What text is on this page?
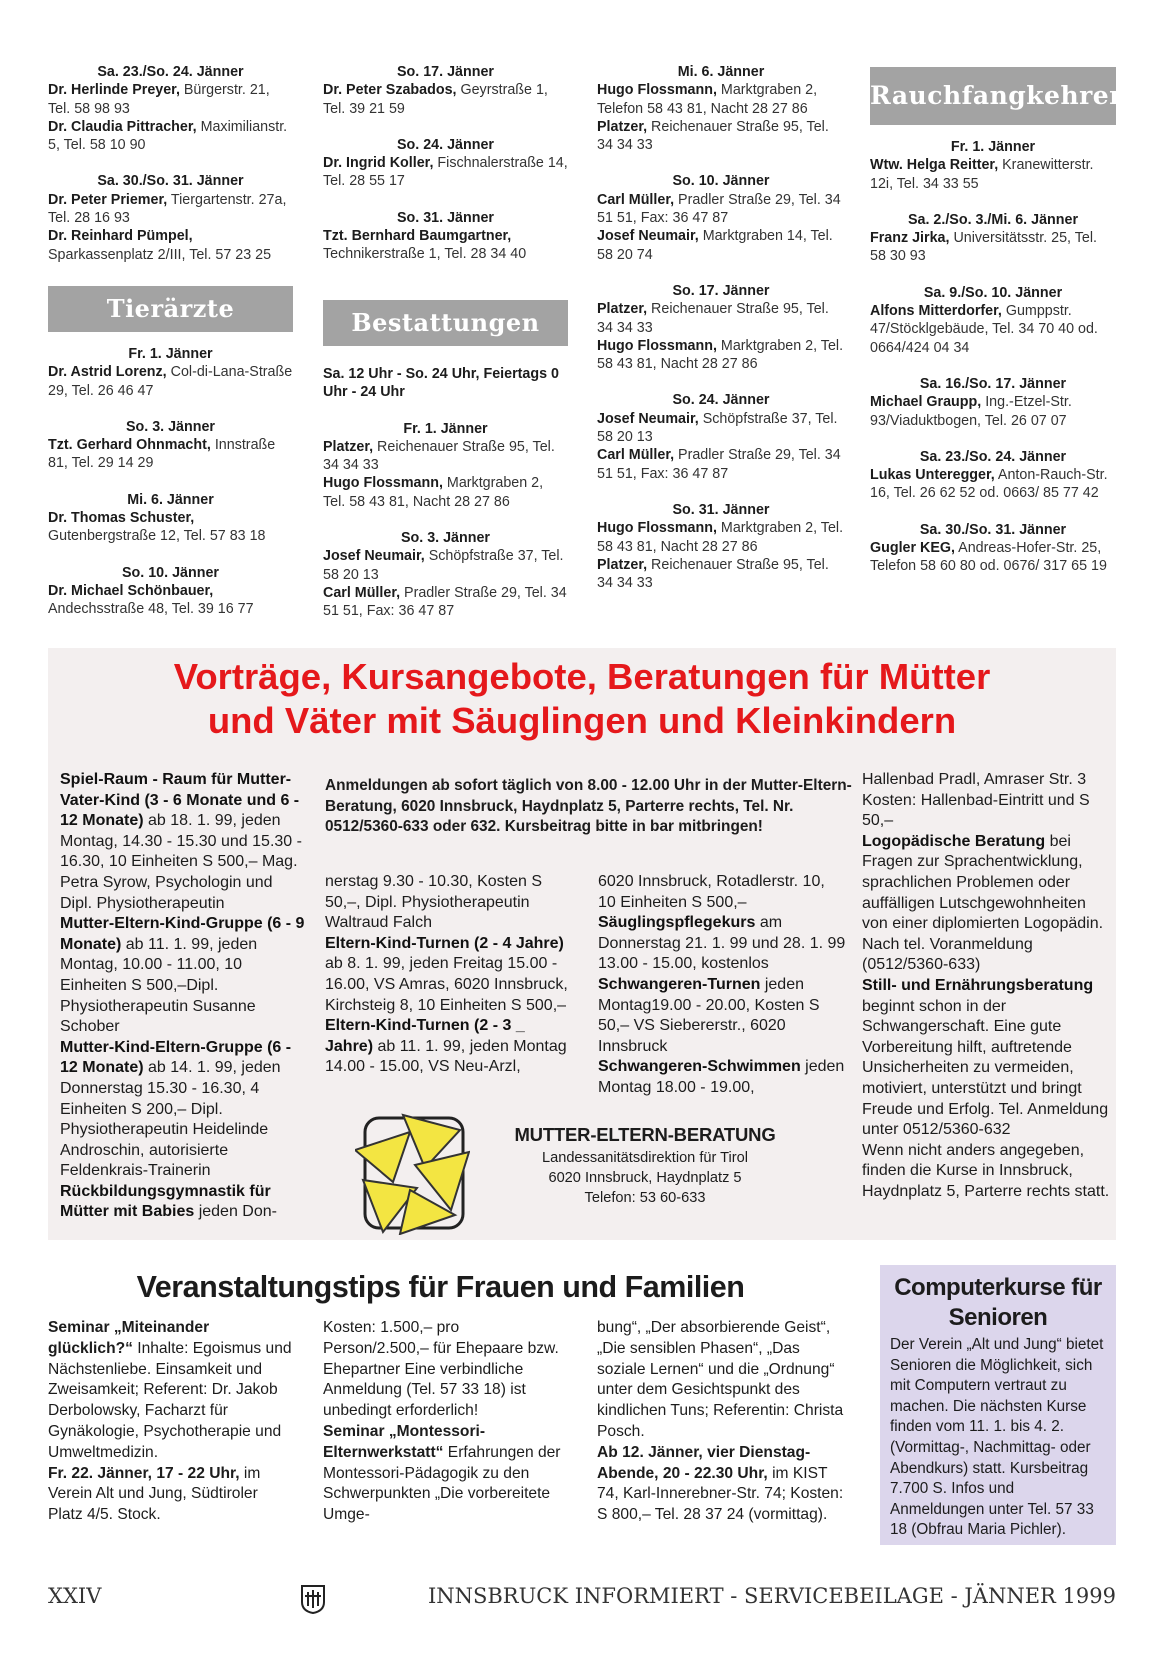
Sa. 23./So. 24. Jänner
Dr. Herlinde Preyer, Bürgerstr. 21, Tel. 58 98 93
Dr. Claudia Pittracher, Maximilianstr. 5, Tel. 58 10 90
Sa. 30./So. 31. Jänner
Dr. Peter Priemer, Tiergartenstr. 27a, Tel. 28 16 93
Dr. Reinhard Pümpel, Sparkassenplatz 2/III, Tel. 57 23 25
Tierärzte
Fr. 1. Jänner
Dr. Astrid Lorenz, Col-di-Lana-Straße 29, Tel. 26 46 47
So. 3. Jänner
Tzt. Gerhard Ohnmacht, Innstraße 81, Tel. 29 14 29
Mi. 6. Jänner
Dr. Thomas Schuster, Gutenbergstraße 12, Tel. 57 83 18
So. 10. Jänner
Dr. Michael Schönbauer, Andechsstraße 48, Tel. 39 16 77
So. 17. Jänner
Dr. Peter Szabados, Geyrstraße 1, Tel. 39 21 59
So. 24. Jänner
Dr. Ingrid Koller, Fischnalerstraße 14, Tel. 28 55 17
So. 31. Jänner
Tzt. Bernhard Baumgartner, Technikerstraße 1, Tel. 28 34 40
Bestattungen
Sa. 12 Uhr - So. 24 Uhr, Feiertags 0 Uhr - 24 Uhr
Fr. 1. Jänner
Platzer, Reichenauer Straße 95, Tel. 34 34 33
Hugo Flossmann, Marktgraben 2, Tel. 58 43 81, Nacht 28 27 86
So. 3. Jänner
Josef Neumair, Schöpfstraße 37, Tel. 58 20 13
Carl Müller, Pradler Straße 29, Tel. 34 51 51, Fax: 36 47 87
Mi. 6. Jänner
Hugo Flossmann, Marktgraben 2, Telefon 58 43 81, Nacht 28 27 86
Platzer, Reichenauer Straße 95, Tel. 34 34 33
So. 10. Jänner
Carl Müller, Pradler Straße 29, Tel. 34 51 51, Fax: 36 47 87
Josef Neumair, Marktgraben 14, Tel. 58 20 74
So. 17. Jänner
Platzer, Reichenauer Straße 95, Tel. 34 34 33
Hugo Flossmann, Marktgraben 2, Tel. 58 43 81, Nacht 28 27 86
So. 24. Jänner
Josef Neumair, Schöpfstraße 37, Tel. 58 20 13
Carl Müller, Pradler Straße 29, Tel. 34 51 51, Fax: 36 47 87
So. 31. Jänner
Hugo Flossmann, Marktgraben 2, Tel. 58 43 81, Nacht 28 27 86
Platzer, Reichenauer Straße 95, Tel. 34 34 33
Rauchfangkehrer
Fr. 1. Jänner
Wtw. Helga Reitter, Kranewitterstr. 12i, Tel. 34 33 55
Sa. 2./So. 3./Mi. 6. Jänner
Franz Jirka, Universitätsstr. 25, Tel. 58 30 93
Sa. 9./So. 10. Jänner
Alfons Mitterdorfer, Gumppstr. 47/Stöcklgebäude, Tel. 34 70 40 od. 0664/424 04 34
Sa. 16./So. 17. Jänner
Michael Graupp, Ing.-Etzel-Str. 93/Viaduktbogen, Tel. 26 07 07
Sa. 23./So. 24. Jänner
Lukas Unteregger, Anton-Rauch-Str. 16, Tel. 26 62 52 od. 0663/ 85 77 42
Sa. 30./So. 31. Jänner
Gugler KEG, Andreas-Hofer-Str. 25, Telefon 58 60 80 od. 0676/ 317 65 19
Vorträge, Kursangebote, Beratungen für Mütter
und Väter mit Säuglingen und Kleinkindern
Spiel-Raum - Raum für Mutter-Vater-Kind (3 - 6 Monate und 6 - 12 Monate) ab 18. 1. 99, jeden Montag, 14.30 - 15.30 und 15.30 - 16.30, 10 Einheiten S 500,– Mag. Petra Syrow, Psychologin und Dipl. Physiotherapeutin
Mutter-Eltern-Kind-Gruppe (6 - 9 Monate) ab 11. 1. 99, jeden Montag, 10.00 - 11.00, 10 Einheiten S 500,–Dipl. Physiotherapeutin Susanne Schober
Mutter-Kind-Eltern-Gruppe (6 - 12 Monate) ab 14. 1. 99, jeden Donnerstag 15.30 - 16.30, 4 Einheiten S 200,– Dipl. Physiotherapeutin Heidelinde Androschin, autorisierte Feldenkrais-Trainerin
Rückbildungsgymnastik für Mütter mit Babies jeden Don-
Anmeldungen ab sofort täglich von 8.00 - 12.00 Uhr in der Mutter-Eltern-Beratung, 6020 Innsbruck, Haydnplatz 5, Parterre rechts, Tel. Nr. 0512/5360-633 oder 632. Kursbeitrag bitte in bar mitbringen!
nerstag 9.30 - 10.30, Kosten S 50,–, Dipl. Physiotherapeutin Waltraud Falch
Eltern-Kind-Turnen (2 - 4 Jahre) ab 8. 1. 99, jeden Freitag 15.00 - 16.00, VS Amras, 6020 Innsbruck, Kirchsteig 8, 10 Einheiten S 500,–
Eltern-Kind-Turnen (2 - 3 _ Jahre) ab 11. 1. 99, jeden Montag 14.00 - 15.00, VS Neu-Arzl,
6020 Innsbruck, Rotadlerstr. 10, 10 Einheiten S 500,–
Säuglingspflegekurs am Donnerstag 21. 1. 99 und 28. 1. 99 13.00 - 15.00, kostenlos
Schwangeren-Turnen jeden Montag19.00 - 20.00, Kosten S 50,– VS Siebererstr., 6020 Innsbruck
Schwangeren-Schwimmen jeden Montag 18.00 - 19.00,
Hallenbad Pradl, Amraser Str. 3 Kosten: Hallenbad-Eintritt und S 50,–
Logopädische Beratung bei Fragen zur Sprachentwicklung, sprachlichen Problemen oder auffälligen Lutschgewohnheiten von einer diplomierten Logopädin. Nach tel. Voranmeldung (0512/5360-633)
Still- und Ernährungsberatung beginnt schon in der Schwangerschaft. Eine gute Vorbereitung hilft, auftretende Unsicherheiten zu vermeiden, motiviert, unterstützt und bringt Freude und Erfolg. Tel. Anmeldung unter 0512/5360-632
Wenn nicht anders angegeben, finden die Kurse in Innsbruck, Haydnplatz 5, Parterre rechts statt.
MUTTER-ELTERN-BERATUNG
Landessanitätsdirektion für Tirol
6020 Innsbruck, Haydnplatz 5
Telefon: 53 60-633
Veranstaltungstips für Frauen und Familien
Seminar „Miteinander glücklich?“ Inhalte: Egoismus und Nächstenliebe. Einsamkeit und Zweisamkeit; Referent: Dr. Jakob Derbolowsky, Facharzt für Gynäkologie, Psychotherapie und Umweltmedizin.
Fr. 22. Jänner, 17 - 22 Uhr, im Verein Alt und Jung, Südtiroler Platz 4/5. Stock.
Kosten: 1.500,– pro Person/2.500,– für Ehepaare bzw. Ehepartner Eine verbindliche Anmeldung (Tel. 57 33 18) ist unbedingt erforderlich!
Seminar „Montessori-Elternwerkstatt“ Erfahrungen der Montessori-Pädagogik zu den Schwerpunkten „Die vorbereitete Umge-
bung“, „Der absorbierende Geist“, „Die sensiblen Phasen“, „Das soziale Lernen“ und die „Ordnung“ unter dem Gesichtspunkt des kindlichen Tuns; Referentin: Christa Posch.
Ab 12. Jänner, vier Dienstag-Abende, 20 - 22.30 Uhr, im KIST 74, Karl-Innerebner-Str. 74; Kosten: S 800,– Tel. 28 37 24 (vormittag).
Computerkurse für
Senioren
Der Verein „Alt und Jung“ bietet Senioren die Möglichkeit, sich mit Computern vertraut zu machen. Die nächsten Kurse finden vom 11. 1. bis 4. 2. (Vormittag-, Nachmittag- oder Abendkurs) statt. Kursbeitrag 7.700 S. Infos und Anmeldungen unter Tel. 57 33 18 (Obfrau Maria Pichler).
XXIV	INNSBRUCK INFORMIERT - SERVICEBEILAGE - JÄNNER 1999
